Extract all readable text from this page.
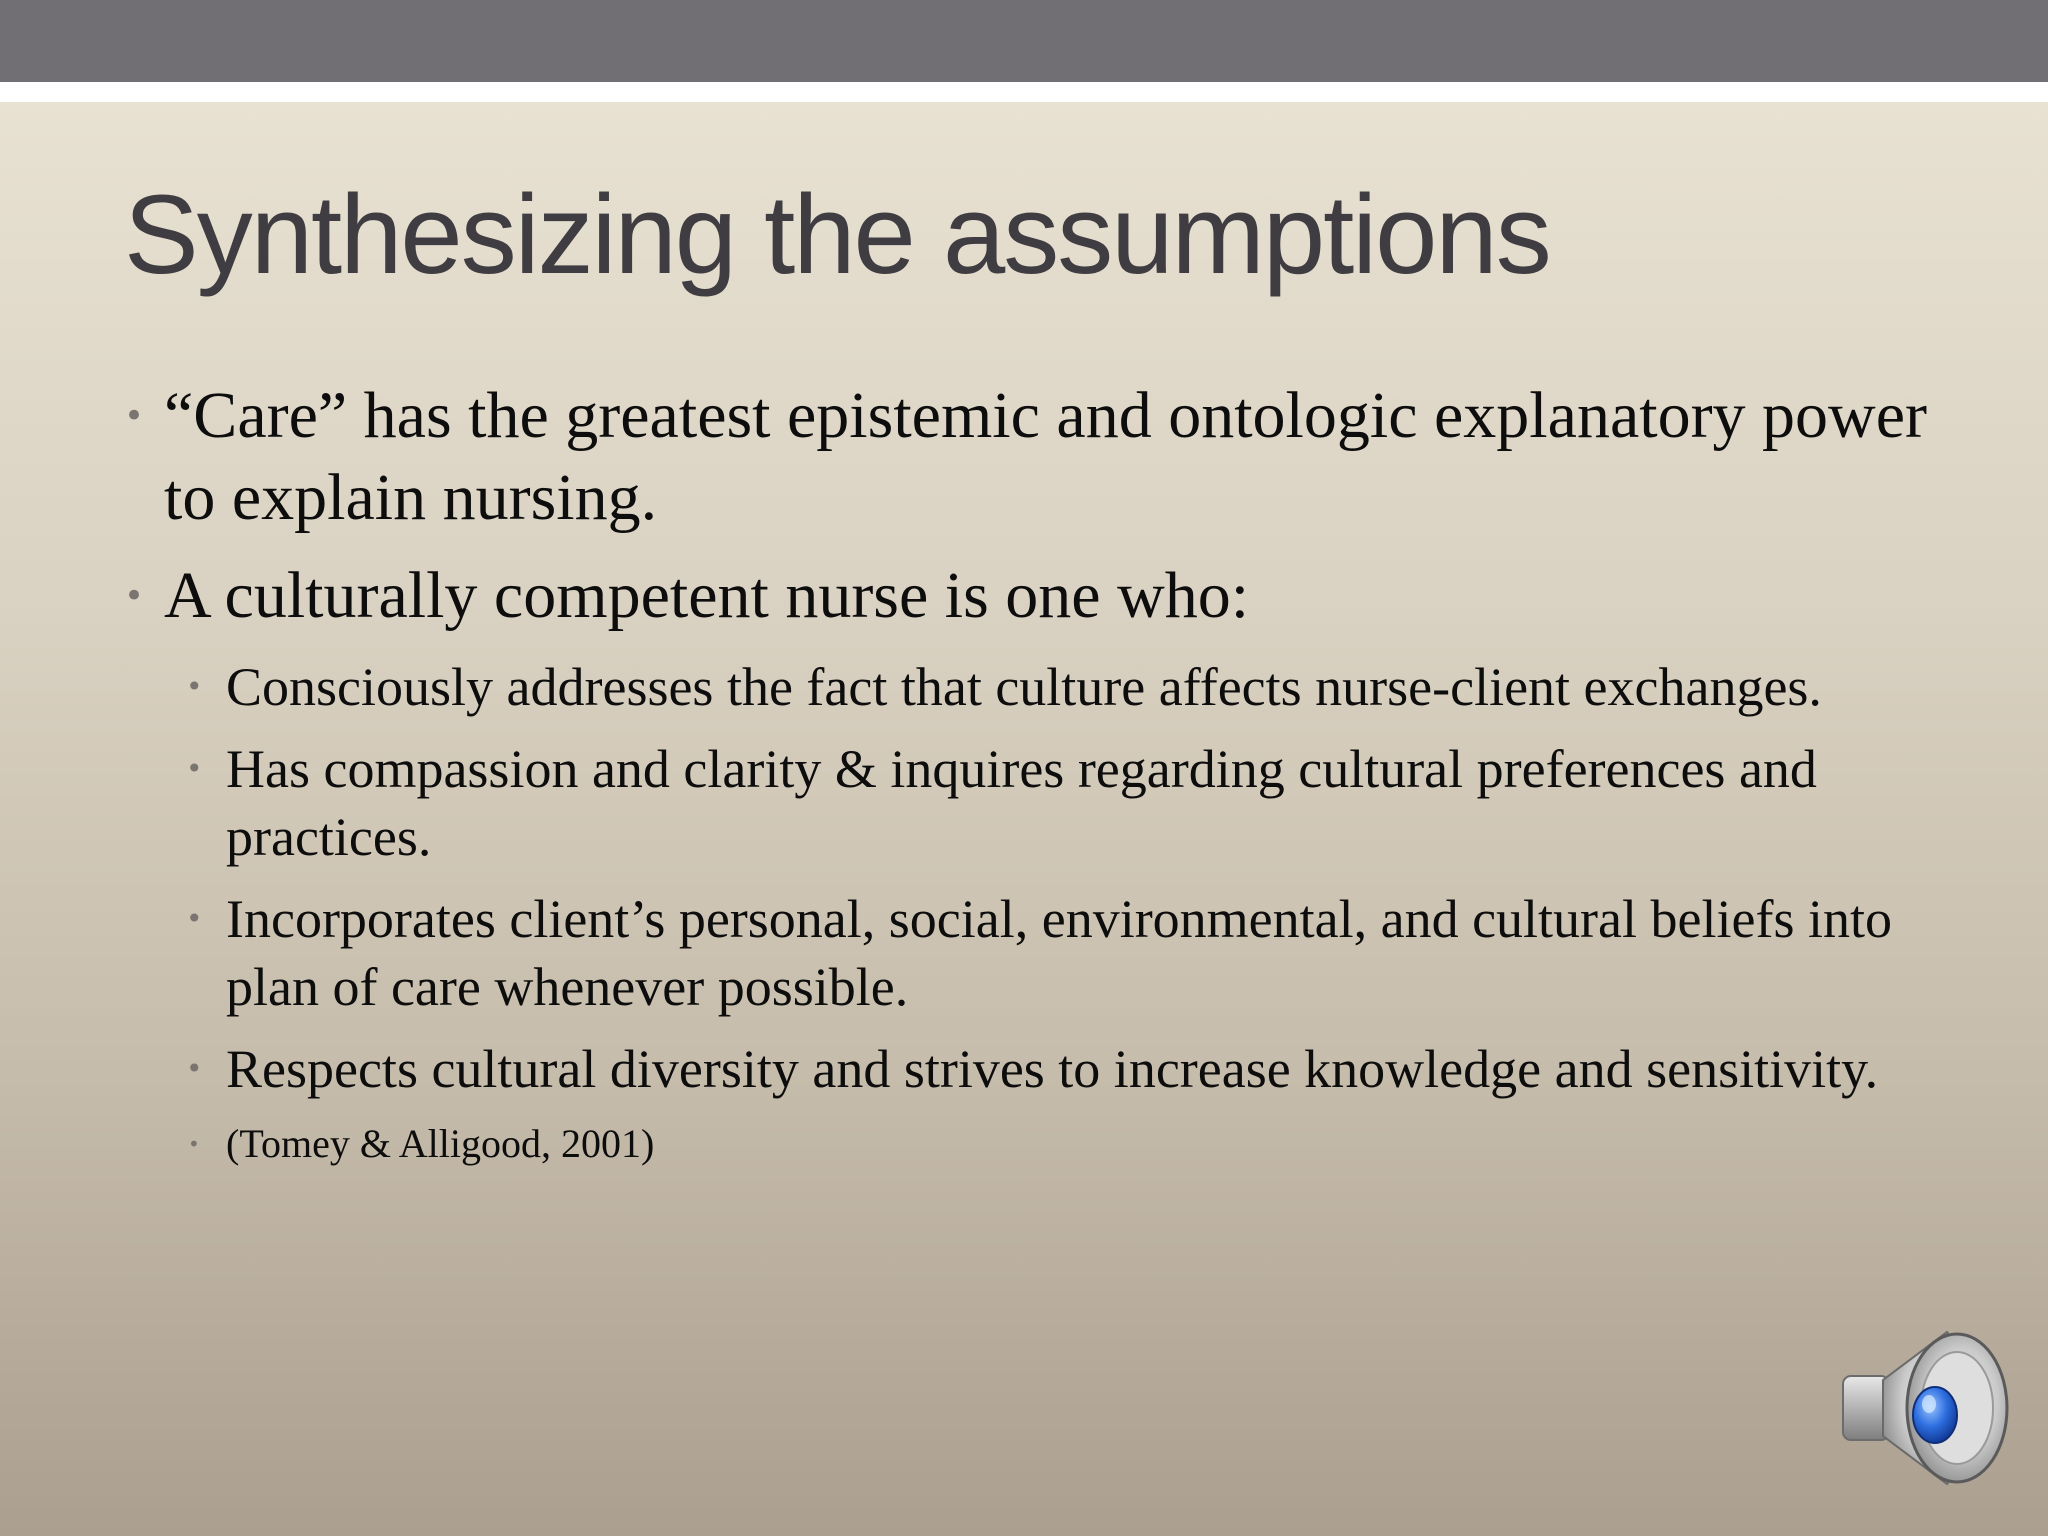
Synthesizing the assumptions
• “Care” has the greatest epistemic and ontologic explanatory power to explain nursing.
• A culturally competent nurse is one who:
• Consciously addresses the fact that culture affects nurse-client exchanges.
• Has compassion and clarity & inquires regarding cultural preferences and practices.
• Incorporates client’s personal, social, environmental, and cultural beliefs into plan of care whenever possible.
• Respects cultural diversity and strives to increase knowledge and sensitivity.
• (Tomey & Alligood, 2001)
